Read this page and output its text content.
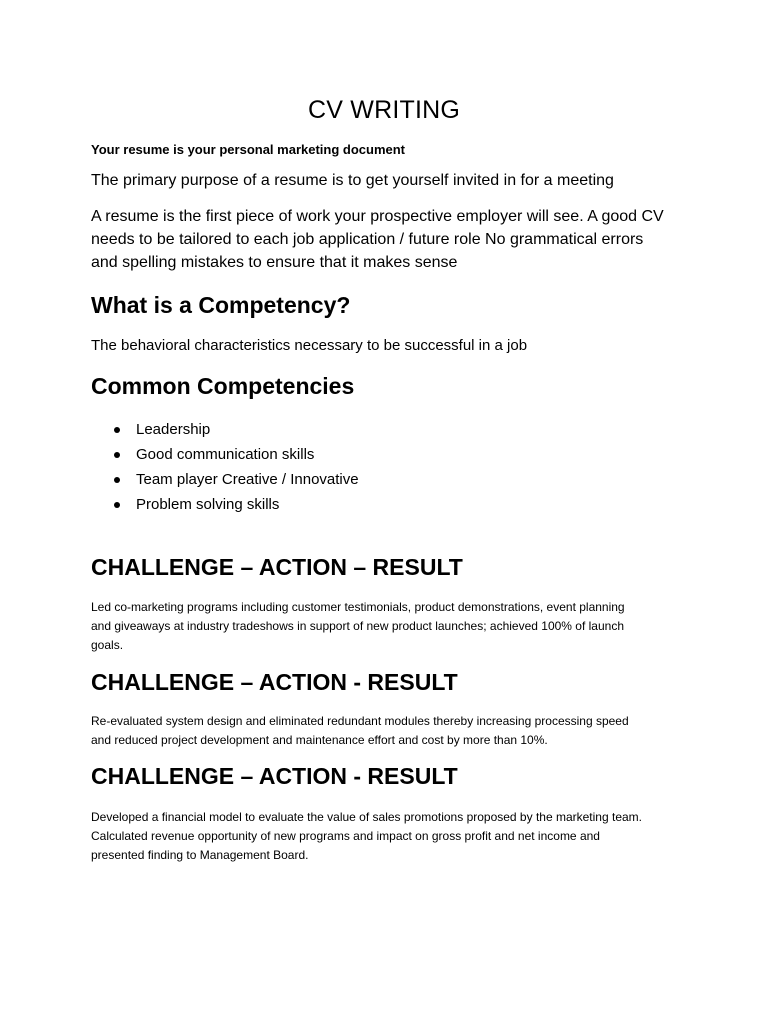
CV WRITING

Your resume is your personal marketing document

The primary purpose of a resume is to get yourself invited in for a meeting

A resume is the first piece of work your prospective employer will see. A good CV
needs to be tailored to each job application / future role No grammatical errors
and spelling mistakes to ensure that it makes sense

What is a Competency?

The behavioral characteristics necessary to be successful in a job

Common Competencies
Leadership
Good communication skills
Team player Creative / Innovative
Problem solving skills
CHALLENGE – ACTION – RESULT

Led co-marketing programs including customer testimonials, product demonstrations, event planning
and giveaways at industry tradeshows in support of new product launches; achieved 100% of launch
goals.

CHALLENGE – ACTION - RESULT

Re-evaluated system design and eliminated redundant modules thereby increasing processing speed
and reduced project development and maintenance effort and cost by more than 10%.

CHALLENGE – ACTION - RESULT

Developed a financial model to evaluate the value of sales promotions proposed by the marketing team.
Calculated revenue opportunity of new programs and impact on gross profit and net income and
presented finding to Management Board.
